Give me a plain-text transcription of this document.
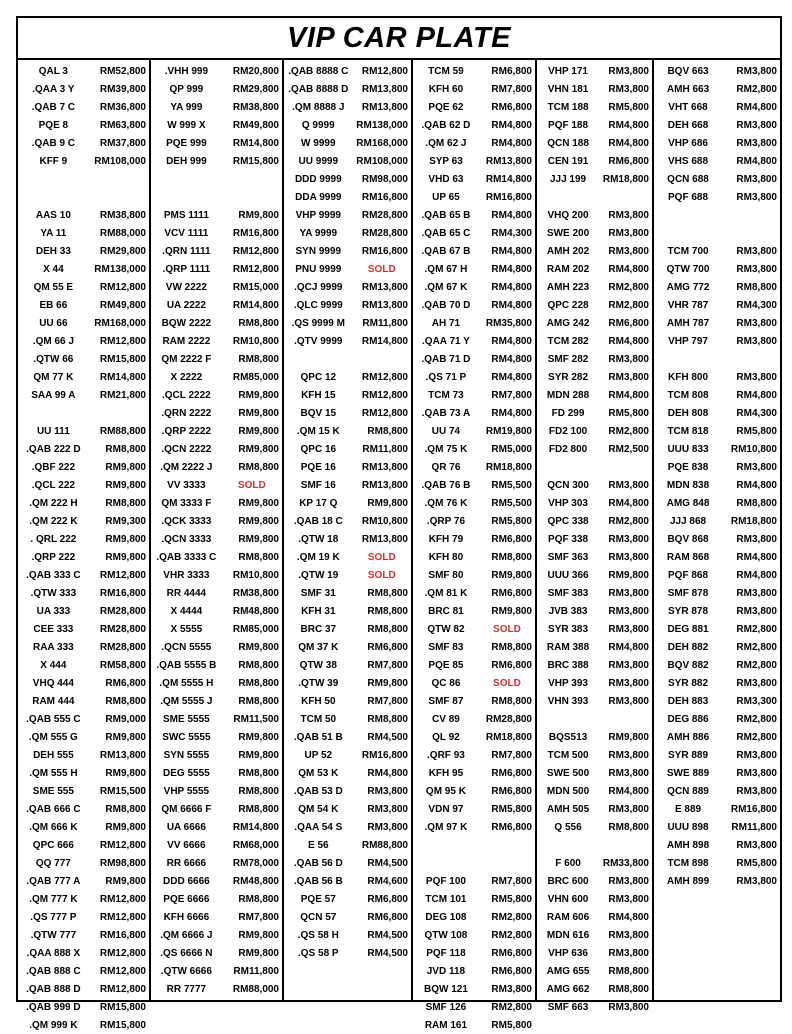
VIP CAR PLATE
QAL 3	RM52,800
.QAA 3 Y	RM39,800
.QAB 7 C	RM36,800
PQE 8	RM63,800
.QAB 9 C	RM37,800
KFF 9	RM108,000
AAS 10	RM38,800
YA 11	RM88,000
DEH 33	RM29,800
X 44	RM138,000
QM 55 E	RM12,800
EB 66	RM49,800
UU 66	RM168,000
.QM 66 J	RM12,800
.QTW 66	RM15,800
QM 77 K	RM14,800
SAA 99 A	RM21,800
UU 111	RM88,800
.QAB 222 D	RM8,800
.QBF 222	RM9,800
.QCL 222	RM9,800
.QM 222 H	RM8,800
.QM 222 K	RM9,300
. QRL 222	RM9,800
.QRP 222	RM9,800
.QAB 333 C	RM12,800
.QTW 333	RM16,800
UA 333	RM28,800
CEE 333	RM28,800
RAA 333	RM28,800
X 444	RM58,800
VHQ 444	RM6,800
RAM 444	RM8,800
.QAB 555 C	RM9,000
.QM 555 G	RM9,800
DEH 555	RM13,800
.QM 555 H	RM9,800
SME 555	RM15,500
.QAB 666 C	RM8,800
.QM 666 K	RM9,800
QPC 666	RM12,800
QQ 777	RM98,800
.QAB 777 A	RM9,800
.QM 777 K	RM12,800
.QS 777 P	RM12,800
.QTW 777	RM16,800
.QAA 888 X	RM12,800
.QAB 888 C	RM12,800
.QAB 888 D	RM12,800
.QAB 999 D	RM15,800
.QM 999 K	RM15,800
.VHH 999	RM20,800
QP 999	RM29,800
YA 999	RM38,800
W 999 X	RM49,800
PQE 999	RM14,800
DEH 999	RM15,800
PMS 1111	RM9,800
VCV 1111	RM16,800
.QRN 1111	RM12,800
.QRP 1111	RM12,800
VW 2222	RM15,000
UA 2222	RM14,800
BQW 2222	RM8,800
RAM 2222	RM10,800
QM 2222 F	RM8,800
X 2222	RM85,000
.QCL 2222	RM9,800
.QRN 2222	RM9,800
.QRP 2222	RM9,800
.QCN 2222	RM9,800
.QM 2222 J	RM8,800
VV 3333	SOLD
QM 3333 F	RM9,800
.QCK 3333	RM9,800
.QCN 3333	RM9,800
.QAB 3333 C	RM8,800
VHR 3333	RM10,800
RR 4444	RM38,800
X 4444	RM48,800
X 5555	RM85,000
.QCN 5555	RM9,800
.QAB 5555 B	RM8,800
.QM 5555 H	RM8,800
.QM 5555 J	RM8,800
SME 5555	RM11,500
SWC 5555	RM9,800
SYN 5555	RM9,800
DEG 5555	RM8,800
VHP 5555	RM8,800
QM 6666 F	RM8,800
UA 6666	RM14,800
VV 6666	RM68,000
RR 6666	RM78,000
DDD 6666	RM48,800
PQE 6666	RM8,800
KFH 6666	RM7,800
.QM 6666 J	RM9,800
.QS 6666 N	RM9,800
.QTW 6666	RM11,800
RR 7777	RM88,000
.QAB 8888 C	RM12,800
.QAB 8888 D	RM13,800
.QM 8888 J	RM13,800
Q 9999	RM138,000
W 9999	RM168,000
UU 9999	RM108,000
DDD 9999	RM98,000
DDA 9999	RM16,800
VHP 9999	RM28,800
YA 9999	RM28,800
SYN 9999	RM16,800
PNU 9999	SOLD
.QCJ 9999	RM13,800
.QLC 9999	RM13,800
.QS 9999 M	RM11,800
.QTV 9999	RM14,800
QPC 12	RM12,800
KFH 15	RM12,800
BQV 15	RM12,800
.QM 15 K	RM8,800
QPC 16	RM11,800
PQE 16	RM13,800
SMF 16	RM13,800
KP 17 Q	RM9,800
.QAB 18 C	RM10,800
.QTW 18	RM13,800
.QM 19 K	SOLD
.QTW 19	SOLD
SMF 31	RM8,800
KFH 31	RM8,800
BRC 37	RM8,800
QM 37 K	RM6,800
QTW 38	RM7,800
.QTW 39	RM9,800
KFH 50	RM7,800
TCM 50	RM8,800
.QAB 51 B	RM4,500
UP 52	RM16,800
QM 53 K	RM4,800
.QAB 53 D	RM3,800
QM 54 K	RM3,800
.QAA 54 S	RM3,800
E 56	RM88,800
.QAB 56 D	RM4,500
.QAB 56 B	RM4,600
PQE 57	RM6,800
QCN 57	RM6,800
.QS 58 H	RM4,500
.QS 58 P	RM4,500
TCM 59	RM6,800
KFH 60	RM7,800
PQE 62	RM6,800
.QAB 62 D	RM4,800
.QM 62 J	RM4,800
SYP 63	RM13,800
VHD 63	RM14,800
UP 65	RM16,800
.QAB 65 B	RM4,800
.QAB 65 C	RM4,300
.QAB 67 B	RM4,800
.QM 67 H	RM4,800
.QM 67 K	RM4,800
.QAB 70 D	RM4,800
AH 71	RM35,800
.QAA 71 Y	RM4,800
.QAB 71 D	RM4,800
.QS 71 P	RM4,800
TCM 73	RM7,800
.QAB 73 A	RM4,800
UU 74	RM19,800
.QM 75 K	RM5,000
QR 76	RM18,800
.QAB 76 B	RM5,500
.QM 76 K	RM5,500
.QRP 76	RM5,800
KFH 79	RM6,800
KFH 80	RM8,800
SMF 80	RM9,800
.QM 81 K	RM6,800
BRC 81	RM9,800
QTW 82	SOLD
SMF 83	RM8,800
PQE 85	RM6,800
QC 86	SOLD
SMF 87	RM8,800
CV 89	RM28,800
QL 92	RM18,800
.QRF 93	RM7,800
KFH 95	RM6,800
QM 95 K	RM6,800
VDN 97	RM5,800
.QM 97 K	RM6,800
PQF 100	RM7,800
TCM 101	RM5,800
DEG 108	RM2,800
QTW 108	RM2,800
PQF 118	RM6,800
JVD 118	RM6,800
BQW 121	RM3,800
SMF 126	RM2,800
RAM 161	RM5,800
VHP 171	RM3,800
VHN 181	RM3,800
TCM 188	RM5,800
PQF 188	RM4,800
QCN 188	RM4,800
CEN 191	RM6,800
JJJ 199	RM18,800
VHQ 200	RM3,800
SWE 200	RM3,800
AMH 202	RM3,800
RAM 202	RM4,800
AMH 223	RM2,800
QPC 228	RM2,800
AMG 242	RM6,800
TCM 282	RM4,800
SMF 282	RM3,800
SYR 282	RM3,800
MDN 288	RM4,800
FD 299	RM5,800
FD2 100	RM2,800
FD2 800	RM2,500
QCN 300	RM3,800
VHP 303	RM4,800
QPC 338	RM2,800
PQF 338	RM3,800
SMF 363	RM3,800
UUU 366	RM9,800
SMF 383	RM3,800
JVB 383	RM3,800
SYR 383	RM3,800
RAM 388	RM4,800
BRC 388	RM3,800
VHP 393	RM3,800
VHN 393	RM3,800
BQS513	RM9,800
TCM 500	RM3,800
SWE 500	RM3,800
MDN 500	RM4,800
AMH 505	RM3,800
Q 556	RM8,800
F 600	RM33,800
BRC 600	RM3,800
VHN 600	RM3,800
RAM 606	RM4,800
MDN 616	RM3,800
VHP 636	RM3,800
AMG 655	RM8,800
AMG 662	RM8,800
SMF 663	RM3,800
BQV 663	RM3,800
AMH 663	RM2,800
VHT 668	RM4,800
DEH 668	RM3,800
VHP 686	RM3,800
VHS 688	RM4,800
QCN 688	RM3,800
PQF 688	RM3,800
TCM 700	RM3,800
QTW 700	RM3,800
AMG 772	RM8,800
VHR 787	RM4,300
AMH 787	RM3,800
VHP 797	RM3,800
KFH 800	RM3,800
TCM 808	RM4,800
DEH 808	RM4,300
TCM 818	RM5,800
UUU 833	RM10,800
PQE 838	RM3,800
MDN 838	RM4,800
AMG 848	RM8,800
JJJ 868	RM18,800
BQV 868	RM3,800
RAM 868	RM4,800
PQF 868	RM4,800
SMF 878	RM3,800
SYR 878	RM3,800
DEG 881	RM2,800
DEH 882	RM2,800
BQV 882	RM2,800
SYR 882	RM3,800
DEH 883	RM3,300
DEG 886	RM2,800
AMH 886	RM2,800
SYR 889	RM3,800
SWE 889	RM3,800
QCN 889	RM3,800
E 889	RM16,800
UUU 898	RM11,800
AMH 898	RM3,800
TCM 898	RM5,800
AMH 899	RM3,800
